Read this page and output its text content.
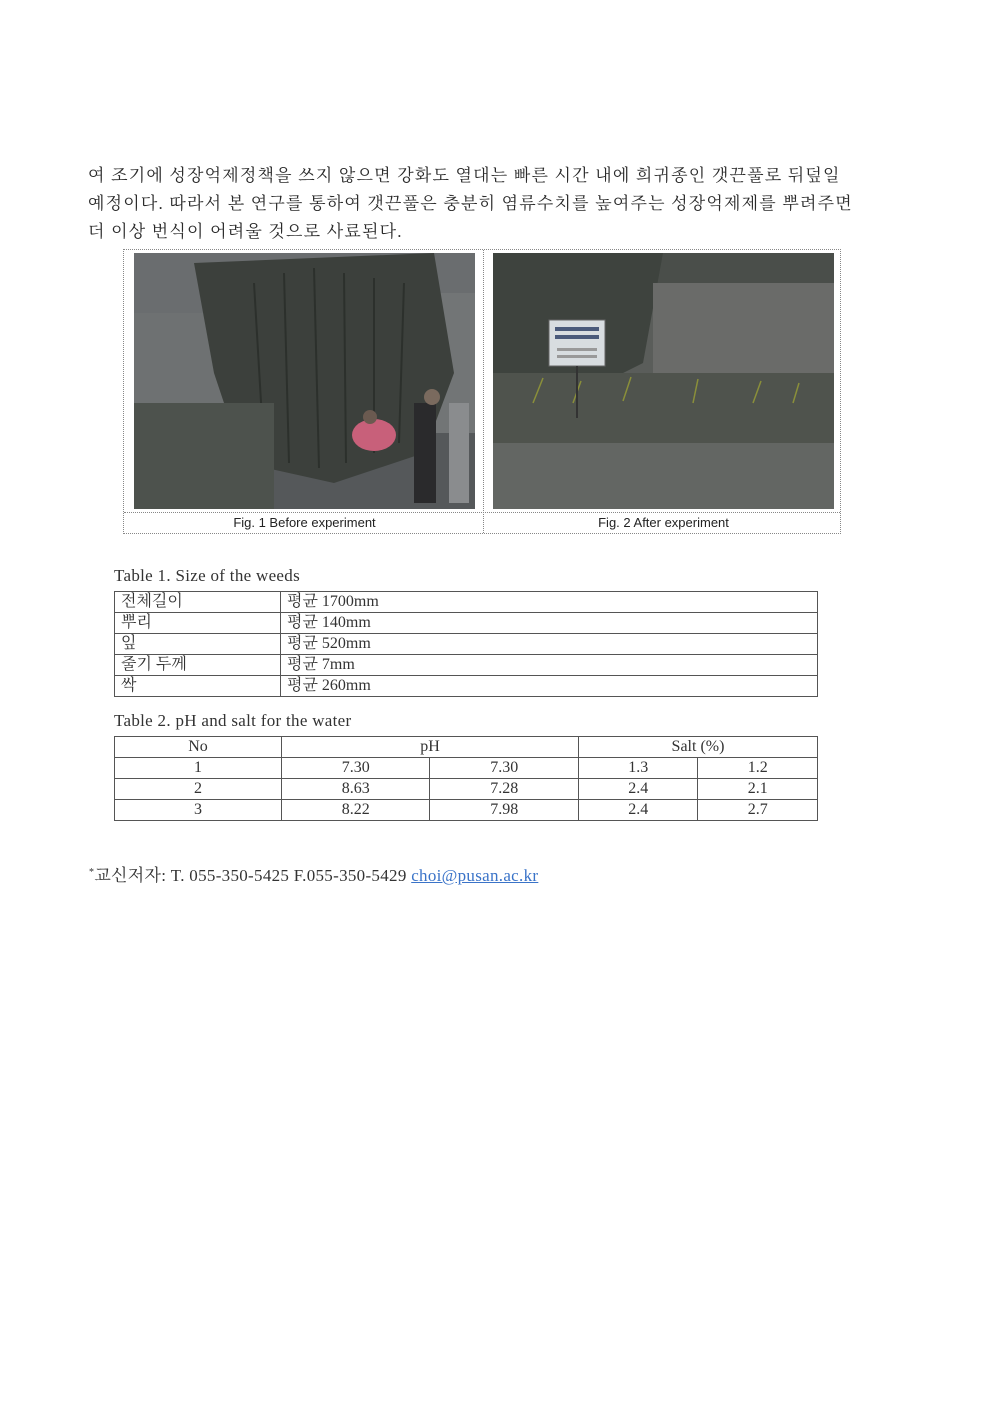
여 조기에 성장억제정책을 쓰지 않으면 강화도 열대는 빠른 시간 내에 희귀종인 갯끈풀로 뒤덮일
예정이다. 따라서 본 연구를 통하여 갯끈풀은 충분히 염류수치를 높여주는 성장억제제를 뿌려주면
더 이상 번식이 어려울 것으로 사료된다.
Fig. 1 Before experiment	Fig. 2 After experiment
Table 1. Size of the weeds
전체길이	평균 1700mm
뿌리	평균 140mm
잎	평균 520mm
줄기 두께	평균 7mm
싹	평균 260mm
Table 2. pH and salt for the water
No	pH		Salt (%)	
1	7.30	7.30	1.3	1.2
2	8.63	7.28	2.4	2.1
3	8.22	7.98	2.4	2.7
*교신저자: T. 055-350-5425 F.055-350-5429 choi@pusan.ac.kr
